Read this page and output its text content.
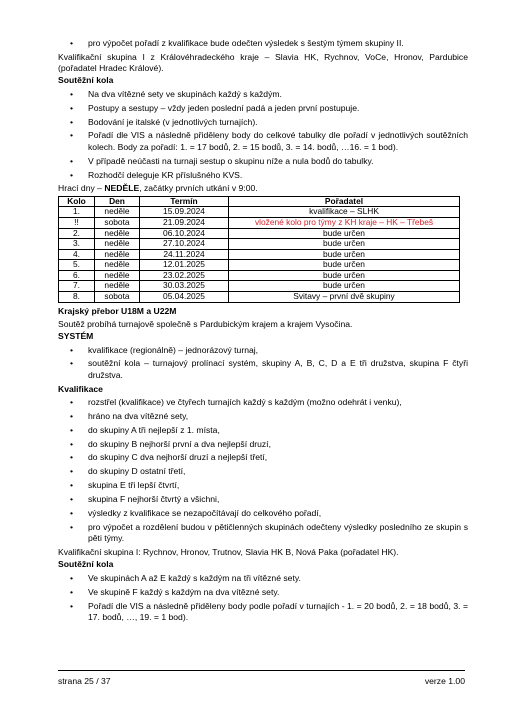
• pro výpočet pořadí z kvalifikace bude odečten výsledek s šestým týmem skupiny II.

Kvalifikační skupina I z Královéhradeckého kraje – Slavia HK, Rychnov, VoCe, Hronov, Pardubice (pořadatel Hradec Králové).

Soutěžní kola

• Na dva vítězné sety ve skupinách každý s každým.

• Postupy a sestupy – vždy jeden poslední padá a jeden první postupuje.

• Bodování je italské (v jednotlivých turnajích).

• Pořadí dle VIS a následně přiděleny body do celkové tabulky dle pořadí v jednotlivých soutěžních kolech. Body za pořadí: 1. = 17 bodů, 2. = 15 bodů, 3. = 14. bodů, …16. = 1 bod).

• V případě neúčasti na turnaji sestup o skupinu níže a nula bodů do tabulky.

• Rozhodčí deleguje KR příslušného KVS.

Hrací dny – NEDĚLE, začátky prvních utkání v 9:00.

Kolo	Den	Termín	Pořadatel
1.	neděle	15.09.2024	kvalifikace – SLHK
!!	sobota	21.09.2024	vložené kolo pro týmy z KH kraje – HK – Třebeš
2.	neděle	06.10.2024	bude určen
3.	neděle	27.10.2024	bude určen
4.	neděle	24.11.2024	bude určen
5.	neděle	12.01.2025	bude určen
6.	neděle	23.02.2025	bude určen
7.	neděle	30.03.2025	bude určen
8.	sobota	05.04.2025	Svitavy – první dvě skupiny

Krajský přebor U18M a U22M

Soutěž probíhá turnajově společně s Pardubickým krajem a krajem Vysočina.

SYSTÉM

• kvalifikace (regionálně) – jednorázový turnaj,

• soutěžní kola – turnajový prolínací systém, skupiny A, B, C, D a E tři družstva, skupina F čtyři družstva.

Kvalifikace

• rozstřel (kvalifikace) ve čtyřech turnajích každý s každým (možno odehrát i venku),

• hráno na dva vítězné sety,

• do skupiny A tři nejlepší z 1. místa,

• do skupiny B nejhorší první a dva nejlepší druzí,

• do skupiny C dva nejhorší druzí a nejlepší třetí,

• do skupiny D ostatní třetí,

• skupina E tři lepší čtvrtí,

• skupina F nejhorší čtvrtý a všichni,

• výsledky z kvalifikace se nezapočítávají do celkového pořadí,

• pro výpočet a rozdělení budou v pětičlenných skupinách odečteny výsledky posledního ze skupin s pěti týmy.

Kvalifikační skupina I: Rychnov, Hronov, Trutnov, Slavia HK B, Nová Paka (pořadatel HK).

Soutěžní kola

• Ve skupinách A až E každý s každým na tři vítězné sety.

• Ve skupině F každý s každým na dva vítězné sety.

• Pořadí dle VIS a následně přiděleny body podle pořadí v turnajích - 1. = 20 bodů, 2. = 18 bodů, 3. = 17. bodů, …, 19. = 1 bod).

strana 25 / 37	verze 1.00
